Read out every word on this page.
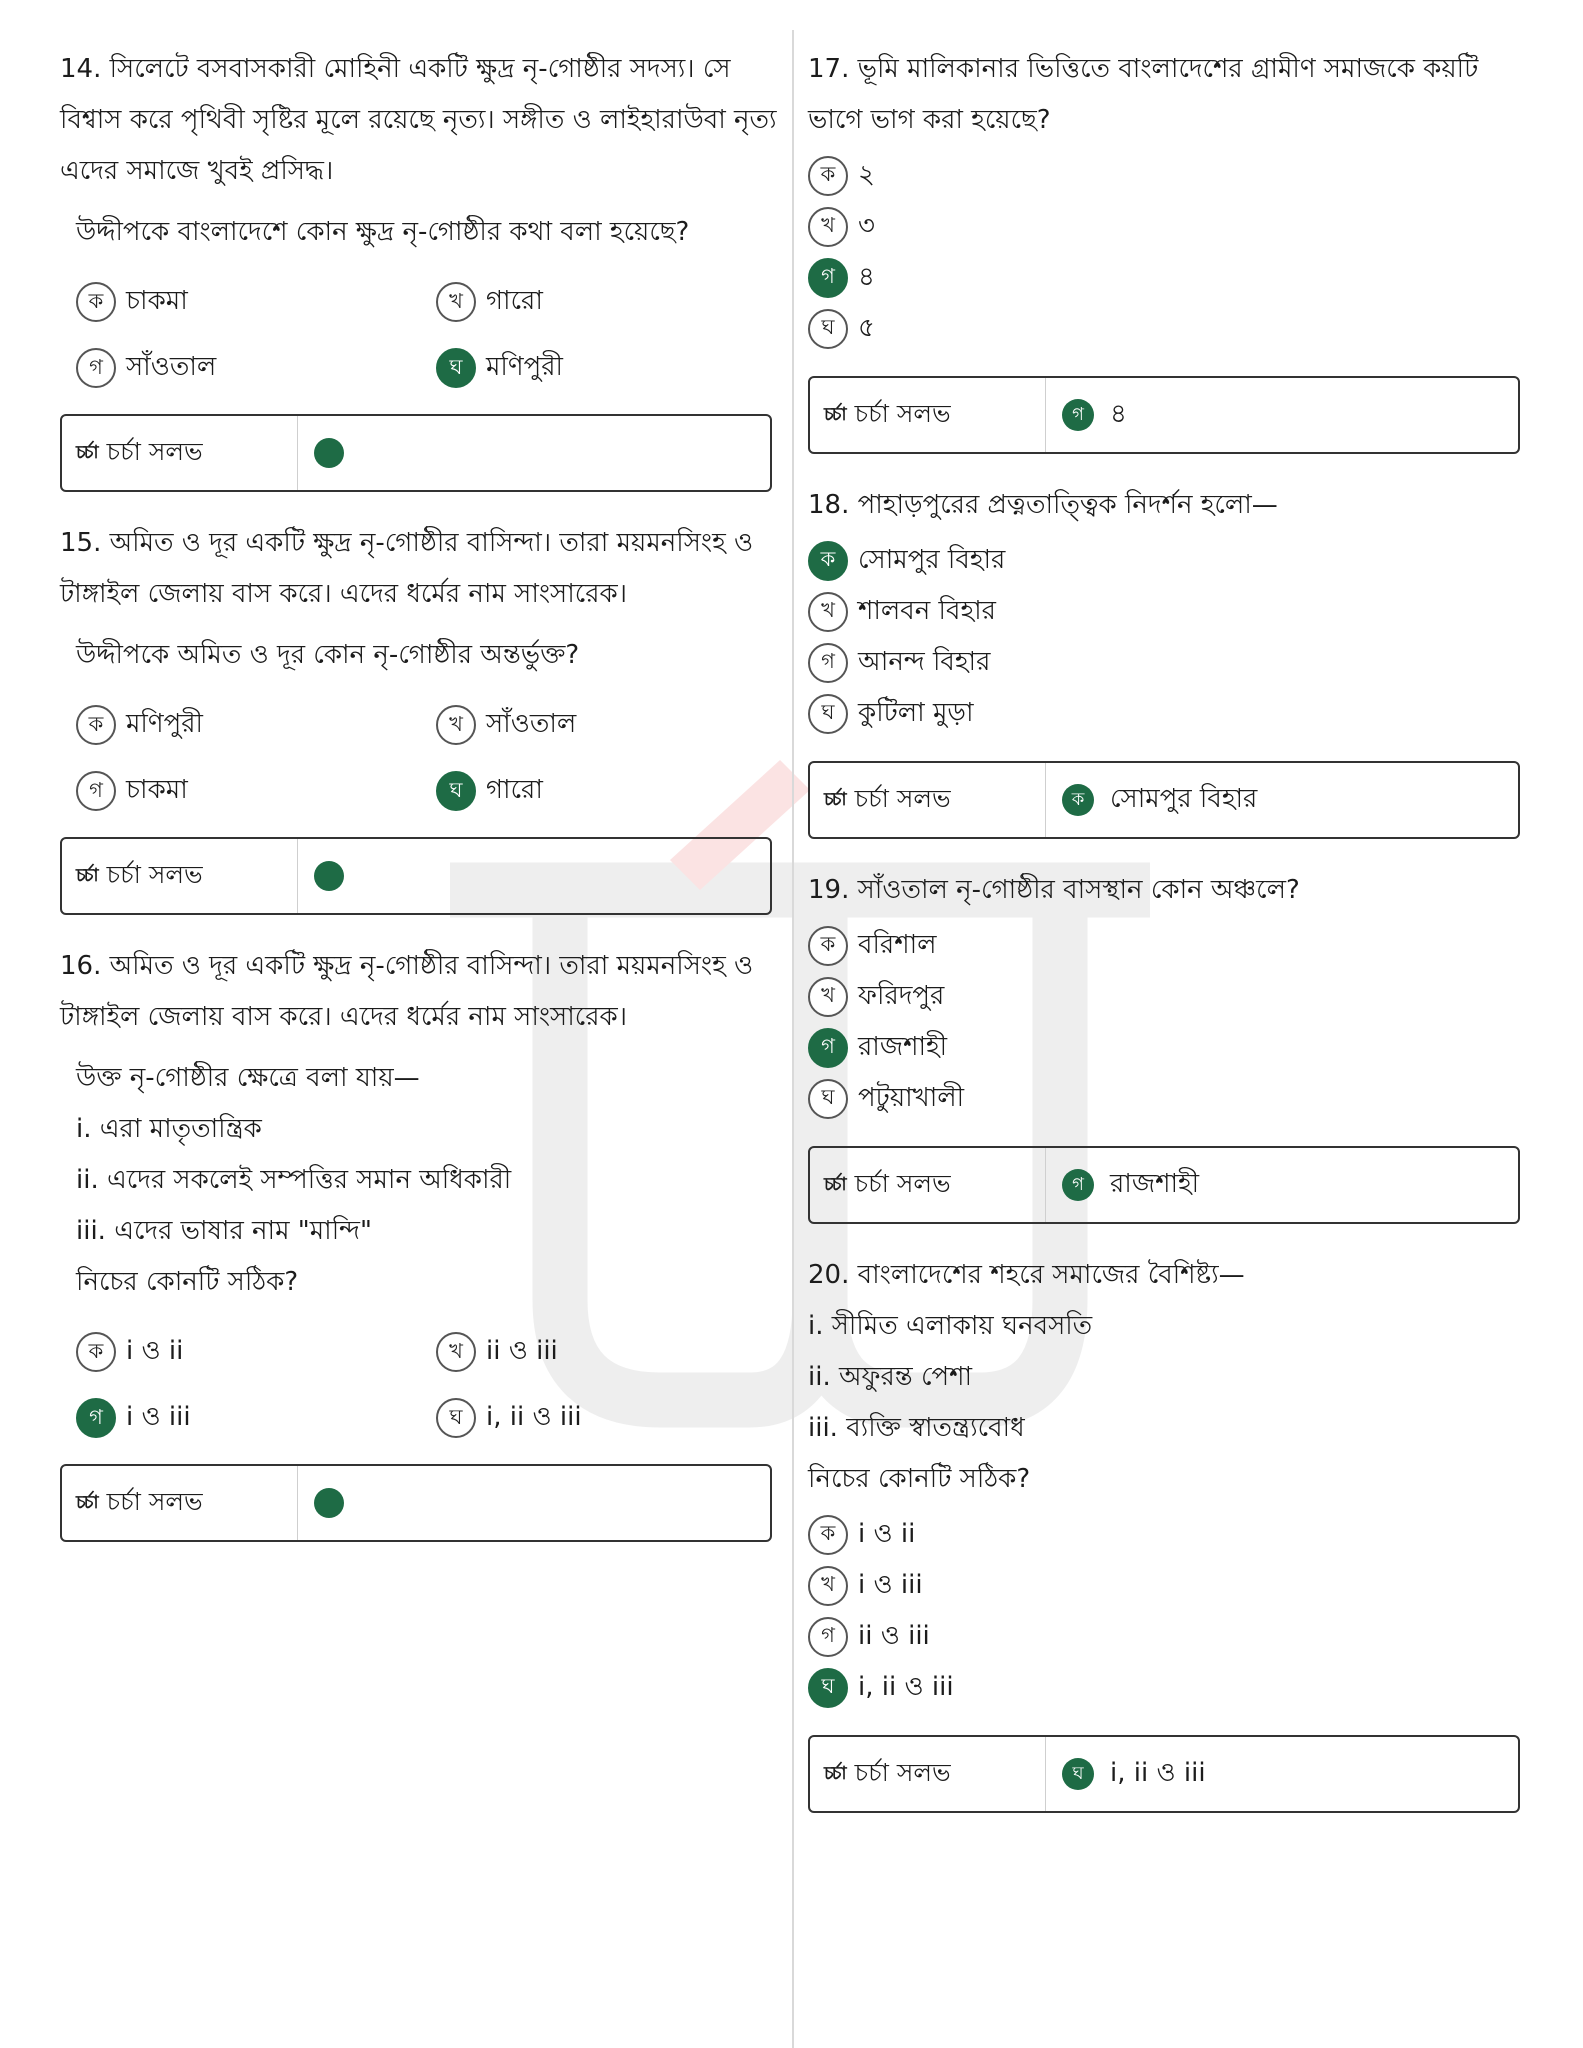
14. সিলেটে বসবাসকারী মোহিনী একটি ক্ষুদ্র নৃ-গোষ্ঠীর সদস্য। সে বিশ্বাস করে পৃথিবী সৃষ্টির মূলে রয়েছে নৃত্য। সঙ্গীত ও লাইহারাউবা নৃত্য এদের সমাজে খুবই প্রসিদ্ধ।
উদ্দীপকে বাংলাদেশে কোন ক্ষুদ্র নৃ-গোষ্ঠীর কথা বলা হয়েছে?
ক চাকমা	খ গারো
গ সাঁওতাল	ঘ মণিপুরী
চর্চা চর্চা সলভ
15. অমিত ও দূর একটি ক্ষুদ্র নৃ-গোষ্ঠীর বাসিন্দা। তারা ময়মনসিংহ ও টাঙ্গাইল জেলায় বাস করে। এদের ধর্মের নাম সাংসারেক।
উদ্দীপকে অমিত ও দূর কোন নৃ-গোষ্ঠীর অন্তর্ভুক্ত?
ক মণিপুরী	খ সাঁওতাল
গ চাকমা	ঘ গারো
চর্চা চর্চা সলভ
16. অমিত ও দূর একটি ক্ষুদ্র নৃ-গোষ্ঠীর বাসিন্দা। তারা ময়মনসিংহ ও টাঙ্গাইল জেলায় বাস করে। এদের ধর্মের নাম সাংসারেক।
উক্ত নৃ-গোষ্ঠীর ক্ষেত্রে বলা যায়—
i. এরা মাতৃতান্ত্রিক
ii. এদের সকলেই সম্পত্তির সমান অধিকারী
iii. এদের ভাষার নাম "মান্দি"
নিচের কোনটি সঠিক?
ক i ও ii	খ ii ও iii
গ i ও iii	ঘ i, ii ও iii
চর্চা চর্চা সলভ
17. ভূমি মালিকানার ভিত্তিতে বাংলাদেশের গ্রামীণ সমাজকে কয়টি ভাগে ভাগ করা হয়েছে?
ক ২
খ ৩
গ ৪
ঘ ৫
চর্চা চর্চা সলভ	গ	৪
18. পাহাড়পুরের প্রত্নতাত্ত্বিক নিদর্শন হলো—
ক সোমপুর বিহার
খ শালবন বিহার
গ আনন্দ বিহার
ঘ কুটিলা মুড়া
চর্চা চর্চা সলভ	ক সোমপুর বিহার
19. সাঁওতাল নৃ-গোষ্ঠীর বাসস্থান কোন অঞ্চলে?
ক বরিশাল
খ ফরিদপুর
গ রাজশাহী
ঘ পটুয়াখালী
চর্চা চর্চা সলভ	গ	রাজশাহী
20. বাংলাদেশের শহরে সমাজের বৈশিষ্ট্য—
i. সীমিত এলাকায় ঘনবসতি
ii. অফুরন্ত পেশা
iii. ব্যক্তি স্বাতন্ত্র্যবোধ
নিচের কোনটি সঠিক?
ক i ও ii
খ i ও iii
গ ii ও iii
ঘ i, ii ও iii
চর্চা চর্চা সলভ	ঘ	i, ii ও iii
